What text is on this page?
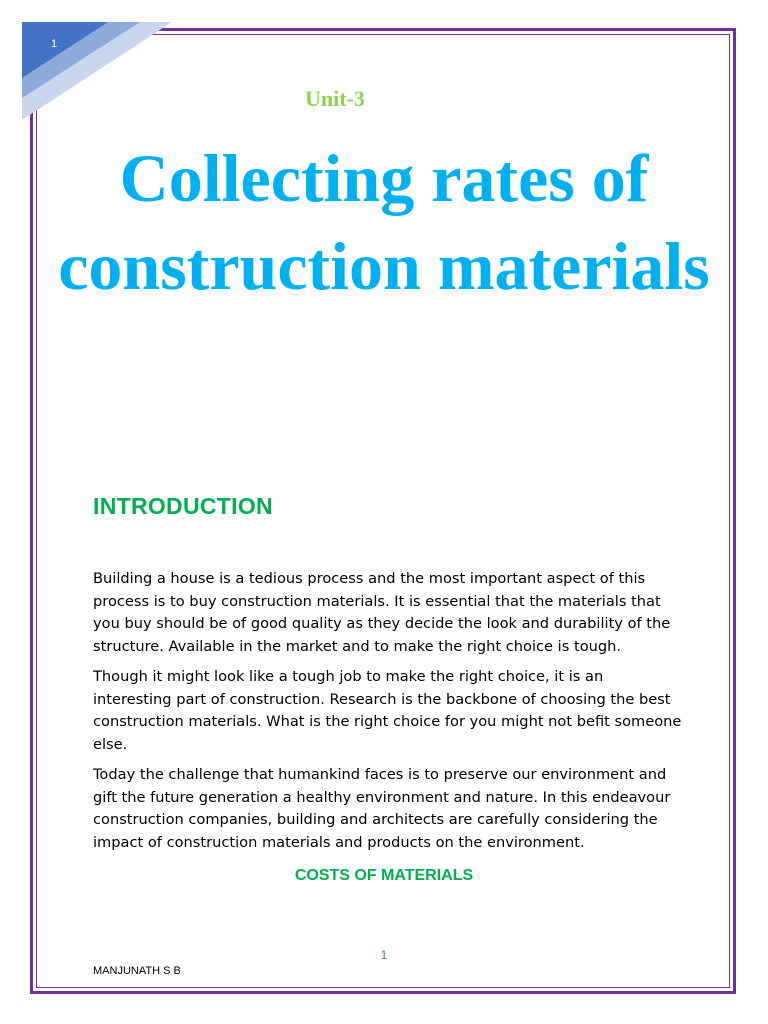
1
Unit-3
Collecting rates of construction materials
INTRODUCTION

Building a house is a tedious process and the most important aspect of this process is to buy construction materials. It is essential that the materials that you buy should be of good quality as they decide the look and durability of the structure. Available in the market and to make the right choice is tough.

Though it might look like a tough job to make the right choice, it is an interesting part of construction. Research is the backbone of choosing the best construction materials. What is the right choice for you might not befit someone else.

Today the challenge that humankind faces is to preserve our environment and gift the future generation a healthy environment and nature. In this endeavour construction companies, building and architects are carefully considering the impact of construction materials and products on the environment.

COSTS OF MATERIALS
1
MANJUNATH S B
